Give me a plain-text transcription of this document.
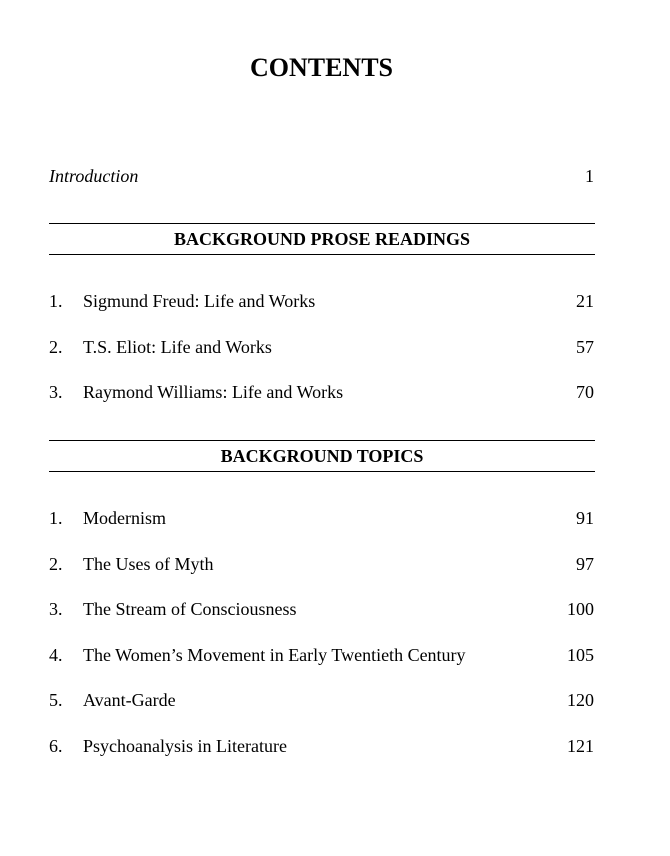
CONTENTS
Introduction	1
BACKGROUND PROSE READINGS
1. Sigmund Freud: Life and Works	21
2. T.S. Eliot: Life and Works	57
3. Raymond Williams: Life and Works	70
BACKGROUND TOPICS
1. Modernism	91
2. The Uses of Myth	97
3. The Stream of Consciousness	100
4. The Women’s Movement in Early Twentieth Century	105
5. Avant-Garde	120
6. Psychoanalysis in Literature	121
